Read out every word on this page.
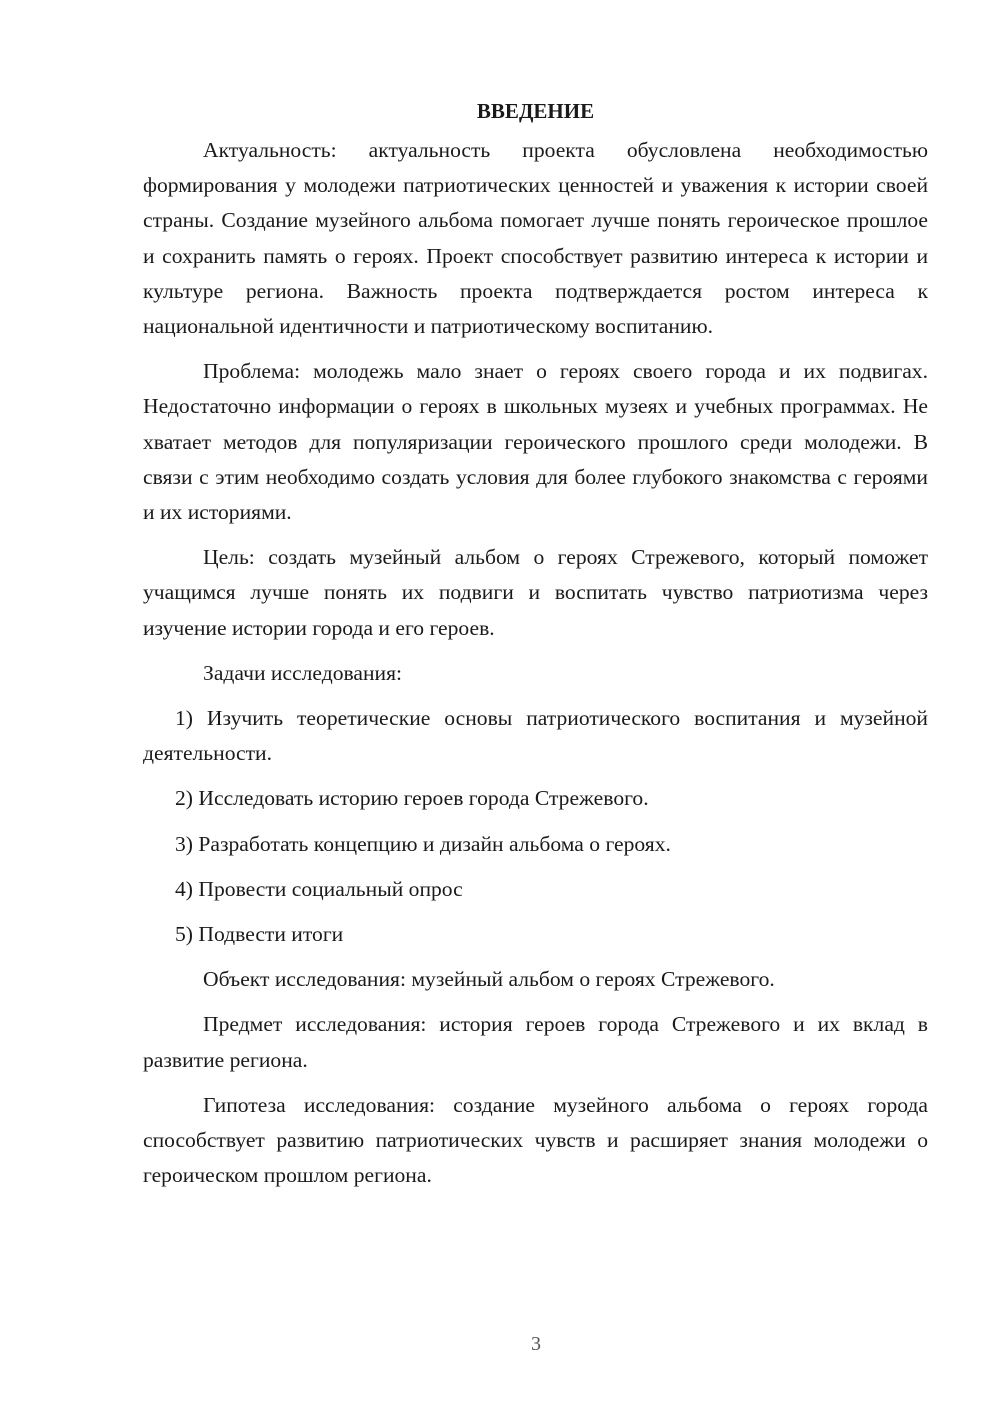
ВВЕДЕНИЕ

Актуальность: актуальность проекта обусловлена необходимостью формирования у молодежи патриотических ценностей и уважения к истории своей страны. Создание музейного альбома помогает лучше понять героическое прошлое и сохранить память о героях. Проект способствует развитию интереса к истории и культуре региона. Важность проекта подтверждается ростом интереса к национальной идентичности и патриотическому воспитанию.

Проблема: молодежь мало знает о героях своего города и их подвигах. Недостаточно информации о героях в школьных музеях и учебных программах. Не хватает методов для популяризации героического прошлого среди молодежи. В связи с этим необходимо создать условия для более глубокого знакомства с героями и их историями.

Цель: создать музейный альбом о героях Стрежевого, который поможет учащимся лучше понять их подвиги и воспитать чувство патриотизма через изучение истории города и его героев.

Задачи исследования:

1) Изучить теоретические основы патриотического воспитания и музейной деятельности.

2) Исследовать историю героев города Стрежевого.

3) Разработать концепцию и дизайн альбома о героях.

4) Провести социальный опрос

5) Подвести итоги

Объект исследования: музейный альбом о героях Стрежевого.

Предмет исследования: история героев города Стрежевого и их вклад в развитие региона.

Гипотеза исследования: создание музейного альбома о героях города способствует развитию патриотических чувств и расширяет знания молодежи о героическом прошлом региона.

3
